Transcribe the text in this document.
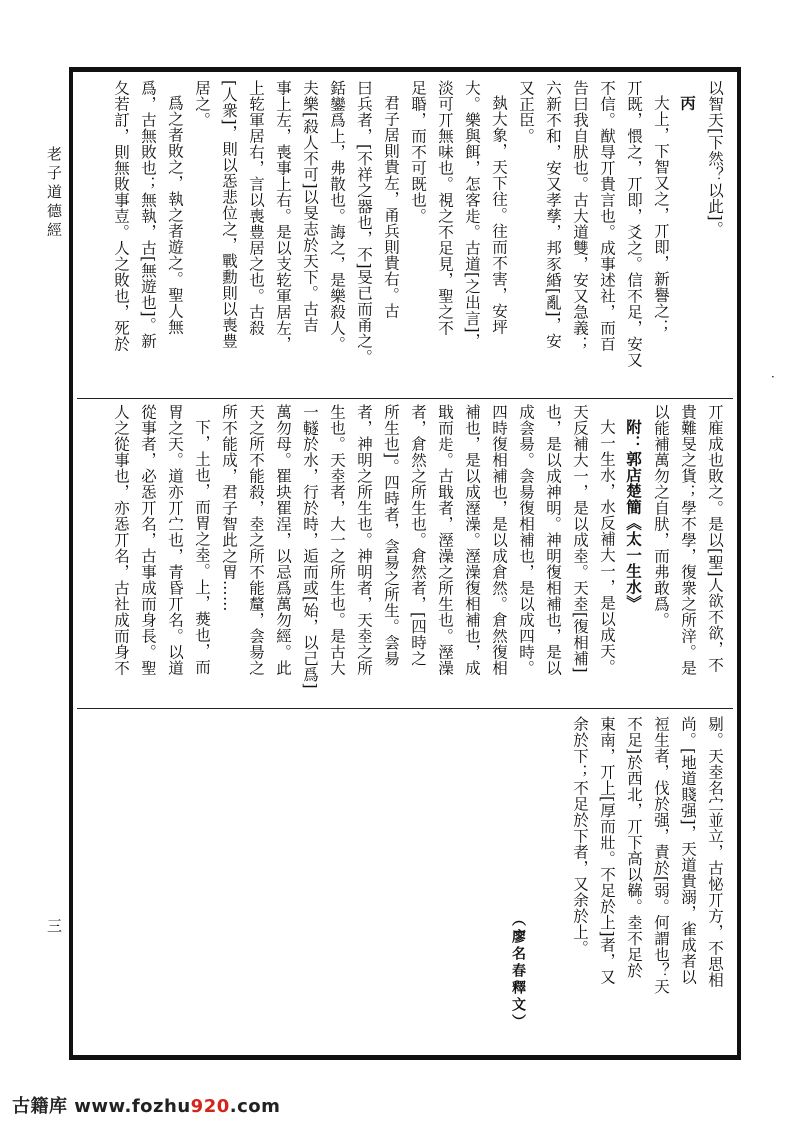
老子道德經
三
以智天[下然？以此]。
丙
大上，下智又之，丌即，新譽之；
丌既，愄之，丌即，爻之。信不足，安又
不信。猷㝵丌貴言也。成事述社，而百
告曰我自肰也。古大道雙，安又急義；
六新不和，安又孝孳，邦豕緍[亂]，安
又正臣。
埶大象，天下往。往而不害，安坪
大。樂與餌，怎客歨。古道[之出言]，
淡可丌無味也。視之不足見，聖之不
足䎽，而不可既也。
君子居則貴左，甬兵則貴右。古
曰兵者，[不祥之器也，不]旻已而甬之。
銛鑾爲上，弗散也。誨之，是樂殺人。
夫樂[殺人不可]以旻志於天下。古吉
事上左，喪事上右。是以支䢀軍居左，
上䢀軍居右，言以喪豊居之也。古殺
[人衆]，則以㤅悲位之，戰勳則以喪豊
居之。
爲之者敗之，執之者遊之。聖人無
爲，古無敗也；無執，古[無遊也]。新
夂若訂，則無敗事壴。人之敗也，死於
丌㢈成也敗之。是以[聖]人欲不欲，不
貴難旻之貨；學不學，復衆之所㳯。是
以能補萬勿之自肰，而弗敢爲。
附：郭店楚簡《太一生水》
大一生水，水反補大一，是以成天。
天反補大一，是以成坴。天坴[復相補]
也，是以成神明。神明復相補也，是以
成侌昜。侌昜復相補也，是以成四時。
四時復相補也，是以成倉然。倉然復相
補也，是以成溼澡。溼澡復相補也，成
戢而歨。古戢者，溼澡之所生也。溼澡
者，倉然之所生也。倉然者，[四時之
所生也]。四時者，侌昜之所生。侌昜
者，神明之所生也。神明者，天坴之所
生也。天坴者，大一之所生也。是古大
一䡵於水，行於時，逅而或[始，以己爲]
萬勿母。䍜块䍜浧，以忌爲萬勿經。此
天之所不能殺，坴之所不能釐，侌昜之
所不能成，君子智此之胃……
下，土也，而胃之坴。上，㷼也，而
胃之天。道亦丌㝉也，青昏丌名。以道
從事者，必㤅丌名，古事成而身長。聖
人之從事也，亦㤅丌名，古社成而身不
剔。天坴名㝉並立，古怭丌方，不思相
尚。[地道賤强]，天道貴溺，雀成者以
䄈生者，伐於强，責於[弱。何謂也？天
不足]於西北，丌下高以㣈。坴不足於
東南，丌上[厚而壯。不足於上]者，又
余於下；不足於下者，又余於上。
（廖名春釋文）
·
古籍库 www.fozhu920.com
